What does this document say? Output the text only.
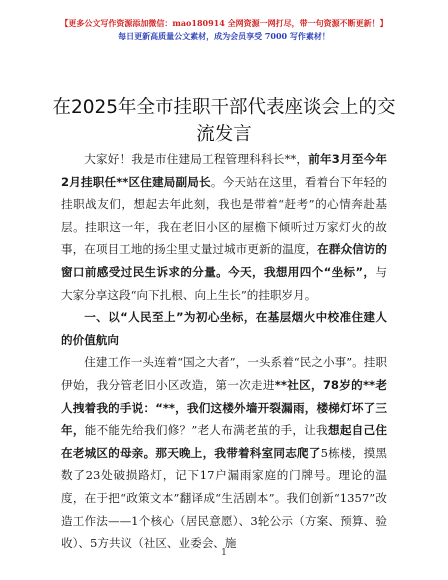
【更多公文写作资源添加微信：mao180914 全网资源一网打尽，带一句资源不断更新！】
每日更新高质量公文素材，成为会员享受 7000 写作素材！
在2025年全市挂职干部代表座谈会上的交流发言

大家好！我是市住建局工程管理科科长**，前年3月至今年2月挂职任**区住建局副局长。今天站在这里，看着台下年轻的挂职战友们，想起去年此刻，我也是带着“赶考”的心情奔赴基层。挂职这一年，我在老旧小区的屋檐下倾听过万家灯火的故事，在项目工地的扬尘里丈量过城市更新的温度，在群众信访的窗口前感受过民生诉求的分量。今天，我想用四个“坐标”，与大家分享这段“向下扎根、向上生长”的挂职岁月。

一、以“人民至上”为初心坐标，在基层烟火中校准住建人的价值航向

住建工作一头连着“国之大者”，一头系着“民之小事”。挂职伊始，我分管老旧小区改造，第一次走进**社区，78岁的**老人拽着我的手说：“**，我们这楼外墙开裂漏雨，楼梯灯坏了三年，能不能先给我们修？”老人布满老茧的手，让我想起自己住在老城区的母亲。那天晚上，我带着科室同志爬了5栋楼，摸黑数了23处破损路灯，记下17户漏雨家庭的门牌号。理论的温度，在于把“政策文本”翻译成“生活剧本”。我们创新“1357”改造工作法——1个核心（居民意愿）、3轮公示（方案、预算、验收）、5方共议（社区、业委会、施

1
